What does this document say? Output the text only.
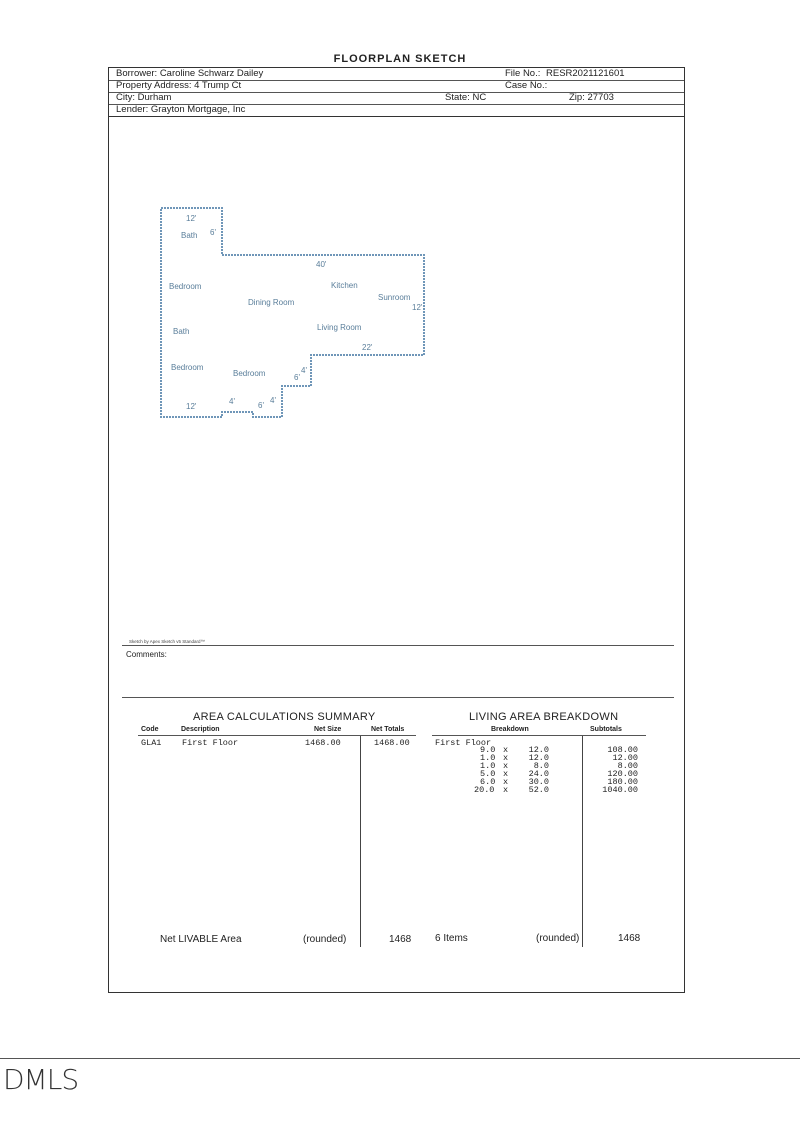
FLOORPLAN SKETCH
Borrower: Caroline Schwarz Dailey	File No.: RESR2021121601
Property Address: 4 Trump Ct	Case No.:
City: Durham	State: NC	Zip: 27703
Lender: Grayton Mortgage, Inc
12'
Bath 6'
40'
Bedroom	Kitchen
Dining Room
Sunroom
12'
Bath	Living Room
22'
Bedroom
Bedroom	6'
4'
12'
4'	6'
4'
Sketch by Apex Sketch v5 Standard™
Comments:
AREA CALCULATIONS SUMMARY
Code	Description	Net Size	Net Totals
GLA1 First Floor	1468.00	1468.00
Net LIVABLE Area	(rounded)	1468
LIVING AREA BREAKDOWN
Breakdown	Subtotals
First Floor
9.0 x	12.0	108.00
1.0 x	12.0	12.00
1.0 x	8.0	8.00
5.0 x	24.0	120.00
6.0 x	30.0	180.00
20.0 x	52.0	1040.00
6 Items	(rounded)	1468
DMLS
